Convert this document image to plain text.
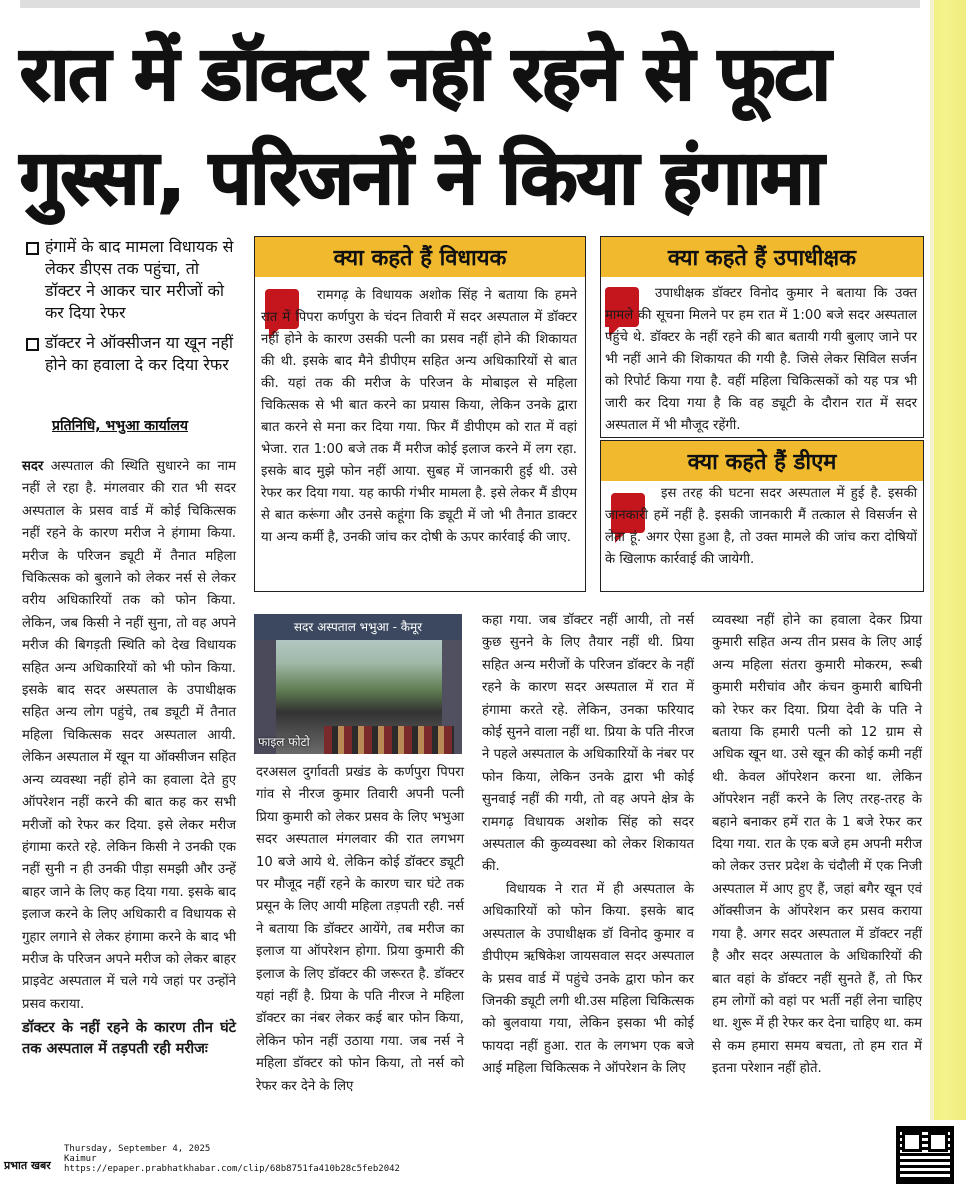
रात में डॉक्टर नहीं रहने से फूटा
गुस्सा, परिजनों ने किया हंगामा
हंगामें के बाद मामला विधायक से लेकर डीएस तक पहुंचा, तो डॉक्टर ने आकर चार मरीजों को कर दिया रेफर
डॉक्टर ने ऑक्सीजन या खून नहीं होने का हवाला दे कर दिया रेफर
प्रतिनिधि, भभुआ कार्यालय

सदर अस्पताल की स्थिति सुधारने का नाम नहीं ले रहा है. मंगलवार की रात भी सदर अस्पताल के प्रसव वार्ड में कोई चिकित्सक नहीं रहने के कारण मरीज ने हंगामा किया. मरीज के परिजन ड्यूटी में तैनात महिला चिकित्सक को बुलाने को लेकर नर्स से लेकर वरीय अधिकारियों तक को फोन किया. लेकिन, जब किसी ने नहीं सुना, तो वह अपने मरीज की बिगड़ती स्थिति को देख विधायक सहित अन्य अधिकारियों को भी फोन किया. इसके बाद सदर अस्पताल के उपाधीक्षक सहित अन्य लोग पहुंचे, तब ड्यूटी में तैनात महिला चिकित्सक सदर अस्पताल आयी. लेकिन अस्पताल में खून या ऑक्सीजन सहित अन्य व्यवस्था नहीं होने का हवाला देते हुए ऑपरेशन नहीं करने की बात कह कर सभी मरीजों को रेफर कर दिया. इसे लेकर मरीज हंगामा करते रहे. लेकिन किसी ने उनकी एक नहीं सुनी न ही उनकी पीड़ा समझी और उन्हें बाहर जाने के लिए कह दिया गया. इसके बाद इलाज करने के लिए अधिकारी व विधायक से गुहार लगाने से लेकर हंगामा करने के बाद भी मरीज के परिजन अपने मरीज को लेकर बाहर प्राइवेट अस्पताल में चले गये जहां पर उन्होंने प्रसव कराया.

डॉक्टर के नहीं रहने के कारण तीन घंटे तक अस्पताल में तड़पती रही मरीजः

क्या कहते हैं विधायक
रामगढ़ के विधायक अशोक सिंह ने बताया कि हमने रात में पिपरा कर्णपुरा के चंदन तिवारी में सदर अस्पताल में डॉक्टर नहीं होने के कारण उसकी पत्नी का प्रसव नहीं होने की शिकायत की थी. इसके बाद मैने डीपीएम सहित अन्य अधिकारियों से बात की. यहां तक की मरीज के परिजन के मोबाइल से महिला चिकित्सक से भी बात करने का प्रयास किया, लेकिन उनके द्वारा बात करने से मना कर दिया गया. फिर मैं डीपीएम को रात में वहां भेजा. रात 1:00 बजे तक मैं मरीज कोई इलाज करने में लग रहा. इसके बाद मुझे फोन नहीं आया. सुबह में जानकारी हुई थी. उसे रेफर कर दिया गया. यह काफी गंभीर मामला है. इसे लेकर मैं डीएम से बात करूंगा और उनसे कहूंगा कि ड्यूटी में जो भी तैनात डाक्टर या अन्य कर्मी है, उनकी जांच कर दोषी के ऊपर कार्रवाई की जाए.
क्या कहते हैं उपाधीक्षक
उपाधीक्षक डॉक्टर विनोद कुमार ने बताया कि उक्त मामले की सूचना मिलने पर हम रात में 1:00 बजे सदर अस्पताल पहुंचे थे. डॉक्टर के नहीं रहने की बात बतायी गयी बुलाए जाने पर भी नहीं आने की शिकायत की गयी है. जिसे लेकर सिविल सर्जन को रिपोर्ट किया गया है. वहीं महिला चिकित्सकों को यह पत्र भी जारी कर दिया गया है कि वह ड्यूटी के दौरान रात में सदर अस्पताल में भी मौजूद रहेंगी.
क्या कहते हैं डीएम
इस तरह की घटना सदर अस्पताल में हुई है. इसकी जानकारी हमें नहीं है. इसकी जानकारी मैं तत्काल से विसर्जन से लेता हूं. अगर ऐसा हुआ है, तो उक्त मामले की जांच करा दोषियों के खिलाफ कार्रवाई की जायेगी.
सदर अस्पताल भभुआ - कैमूर
फाइल फोटो

दरअसल दुर्गावती प्रखंड के कर्णपुरा पिपरा गांव से नीरज कुमार तिवारी अपनी पत्नी प्रिया कुमारी को लेकर प्रसव के लिए भभुआ सदर अस्पताल मंगलवार की रात लगभग 10 बजे आये थे. लेकिन कोई डॉक्टर ड्यूटी पर मौजूद नहीं रहने के कारण चार घंटे तक प्रसून के लिए आयी महिला तड़पती रही. नर्स ने बताया कि डॉक्टर आयेंगे, तब मरीज का इलाज या ऑपरेशन होगा. प्रिया कुमारी की इलाज के लिए डॉक्टर की जरूरत है. डॉक्टर यहां नहीं है. प्रिया के पति नीरज ने महिला डॉक्टर का नंबर लेकर कई बार फोन किया, लेकिन फोन नहीं उठाया गया. जब नर्स ने महिला डॉक्टर को फोन किया, तो नर्स को रेफर कर देने के लिए

कहा गया. जब डॉक्टर नहीं आयी, तो नर्स कुछ सुनने के लिए तैयार नहीं थी. प्रिया सहित अन्य मरीजों के परिजन डॉक्टर के नहीं रहने के कारण सदर अस्पताल में रात में हंगामा करते रहे. लेकिन, उनका फरियाद कोई सुनने वाला नहीं था. प्रिया के पति नीरज ने पहले अस्पताल के अधिकारियों के नंबर पर फोन किया, लेकिन उनके द्वारा भी कोई सुनवाई नहीं की गयी, तो वह अपने क्षेत्र के रामगढ़ विधायक अशोक सिंह को सदर अस्पताल की कुव्यवस्था को लेकर शिकायत की.

विधायक ने रात में ही अस्पताल के अधिकारियों को फोन किया. इसके बाद अस्पताल के उपाधीक्षक डॉ विनोद कुमार व डीपीएम ऋषिकेश जायसवाल सदर अस्पताल के प्रसव वार्ड में पहुंचे उनके द्वारा फोन कर जिनकी ड्यूटी लगी थी.उस महिला चिकित्सक को बुलवाया गया, लेकिन इसका भी कोई फायदा नहीं हुआ. रात के लगभग एक बजे आई महिला चिकित्सक ने ऑपरेशन के लिए

व्यवस्था नहीं होने का हवाला देकर प्रिया कुमारी सहित अन्य तीन प्रसव के लिए आई अन्य महिला संतरा कुमारी मोकरम, रूबी कुमारी मरीचांव और कंचन कुमारी बाघिनी को रेफर कर दिया. प्रिया देवी के पति ने बताया कि हमारी पत्नी को 12 ग्राम से अधिक खून था. उसे खून की कोई कमी नहीं थी. केवल ऑपरेशन करना था. लेकिन ऑपरेशन नहीं करने के लिए तरह-तरह के बहाने बनाकर हमें रात के 1 बजे रेफर कर दिया गया. रात के एक बजे हम अपनी मरीज को लेकर उत्तर प्रदेश के चंदौली में एक निजी अस्पताल में आए हुए हैं, जहां बगैर खून एवं ऑक्सीजन के ऑपरेशन कर प्रसव कराया गया है. अगर सदर अस्पताल में डॉक्टर नहीं है और सदर अस्पताल के अधिकारियों की बात वहां के डॉक्टर नहीं सुनते हैं, तो फिर हम लोगों को वहां पर भर्ती नहीं लेना चाहिए था. शुरू में ही रेफर कर देना चाहिए था. कम से कम हमारा समय बचता, तो हम रात में इतना परेशान नहीं होते.

प्रभात खबर
Thursday, September 4, 2025
Kaimur
https://epaper.prabhatkhabar.com/clip/68b8751fa410b28c5feb2042
